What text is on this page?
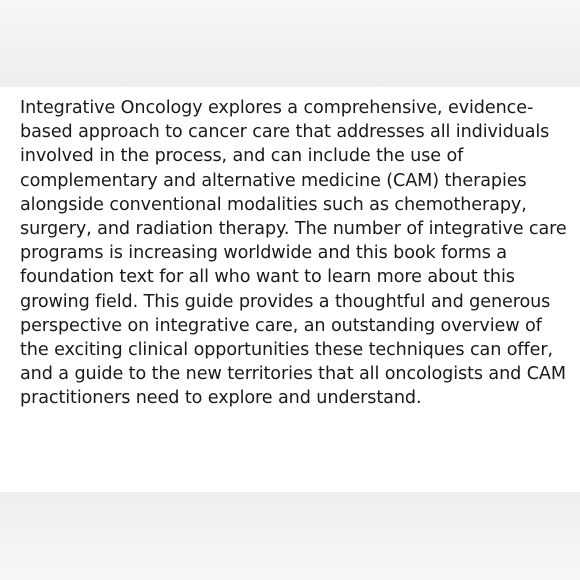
Integrative Oncology explores a comprehensive, evidence-based approach to cancer care that addresses all individuals involved in the process, and can include the use of complementary and alternative medicine (CAM) therapies alongside conventional modalities such as chemotherapy, surgery, and radiation therapy. The number of integrative care programs is increasing worldwide and this book forms a foundation text for all who want to learn more about this growing field. This guide provides a thoughtful and generous perspective on integrative care, an outstanding overview of the exciting clinical opportunities these techniques can offer, and a guide to the new territories that all oncologists and CAM practitioners need to explore and understand.
